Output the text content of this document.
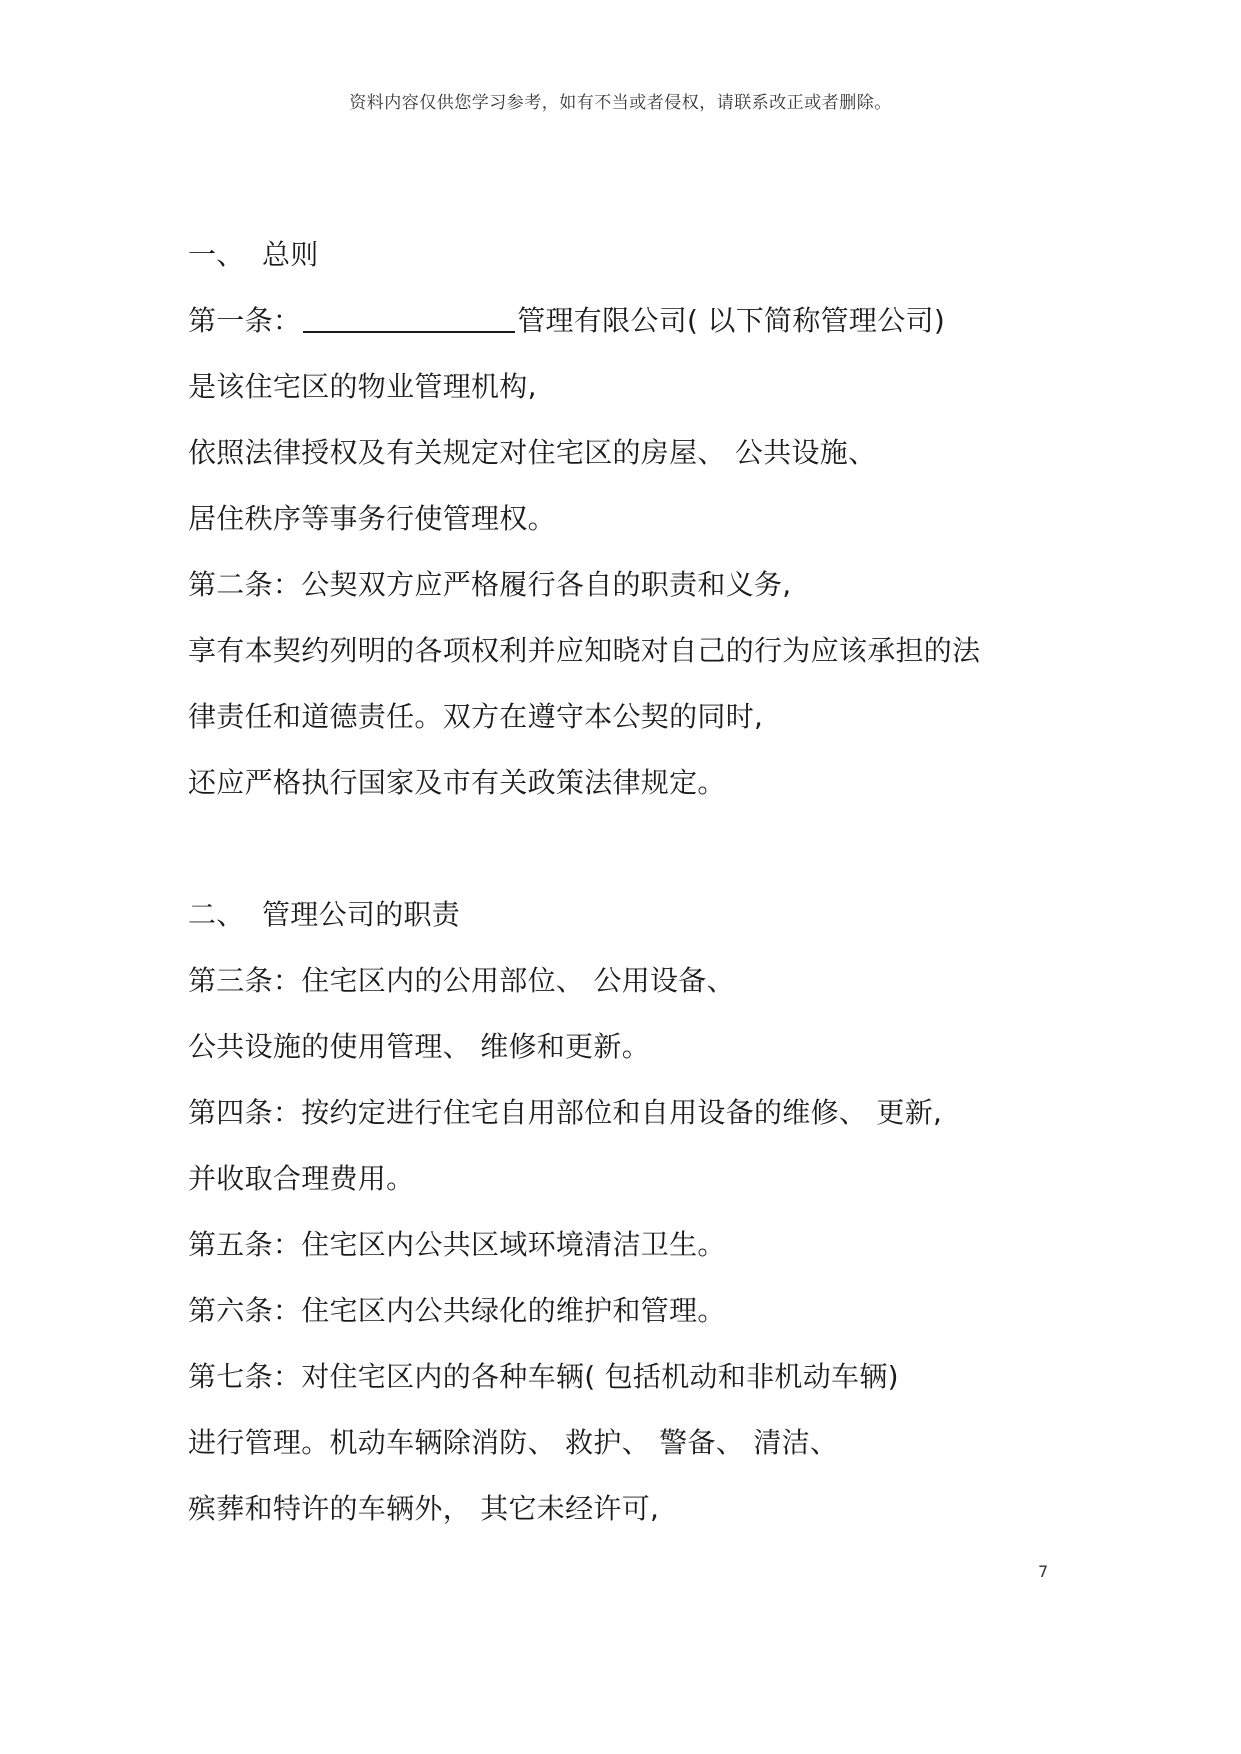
资料内容仅供您学习参考，如有不当或者侵权，请联系改正或者删除。
一、 总则
第一条：	管理有限公司( 以下简称管理公司)
是该住宅区的物业管理机构,
依照法律授权及有关规定对住宅区的房屋、 公共设施、
居住秩序等事务行使管理权。
第二条：公契双方应严格履行各自的职责和义务,
享有本契约列明的各项权利并应知晓对自己的行为应该承担的法
律责任和道德责任。双方在遵守本公契的同时,
还应严格执行国家及市有关政策法律规定。
二、 管理公司的职责
第三条：住宅区内的公用部位、 公用设备、
公共设施的使用管理、 维修和更新。
第四条：按约定进行住宅自用部位和自用设备的维修、 更新,
并收取合理费用。
第五条：住宅区内公共区域环境清洁卫生。
第六条：住宅区内公共绿化的维护和管理。
第七条：对住宅区内的各种车辆( 包括机动和非机动车辆)
进行管理。机动车辆除消防、 救护、 警备、 清洁、
殡葬和特许的车辆外， 其它未经许可,
7
